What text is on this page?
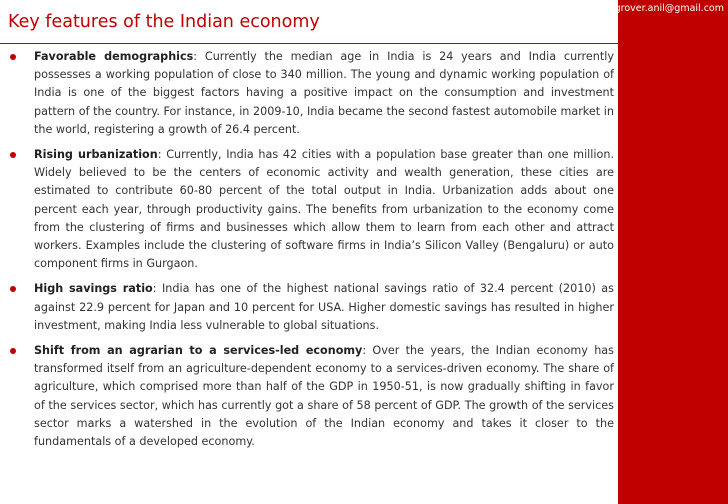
grover.anil@gmail.com
Key features of the Indian economy
Favorable demographics: Currently the median age in India is 24 years and India currently possesses a working population of close to 340 million. The young and dynamic working population of India is one of the biggest factors having a positive impact on the consumption and investment pattern of the country. For instance, in 2009-10, India became the second fastest automobile market in the world, registering a growth of 26.4 percent.
Rising urbanization: Currently, India has 42 cities with a population base greater than one million. Widely believed to be the centers of economic activity and wealth generation, these cities are estimated to contribute 60-80 percent of the total output in India. Urbanization adds about one percent each year, through productivity gains. The benefits from urbanization to the economy come from the clustering of firms and businesses which allow them to learn from each other and attract workers. Examples include the clustering of software firms in India’s Silicon Valley (Bengaluru) or auto component firms in Gurgaon.
High savings ratio: India has one of the highest national savings ratio of 32.4 percent (2010) as against 22.9 percent for Japan and 10 percent for USA. Higher domestic savings has resulted in higher investment, making India less vulnerable to global situations.
Shift from an agrarian to a services-led economy: Over the years, the Indian economy has transformed itself from an agriculture-dependent economy to a services-driven economy. The share of agriculture, which comprised more than half of the GDP in 1950-51, is now gradually shifting in favor of the services sector, which has currently got a share of 58 percent of GDP. The growth of the services sector marks a watershed in the evolution of the Indian economy and takes it closer to the fundamentals of a developed economy.
